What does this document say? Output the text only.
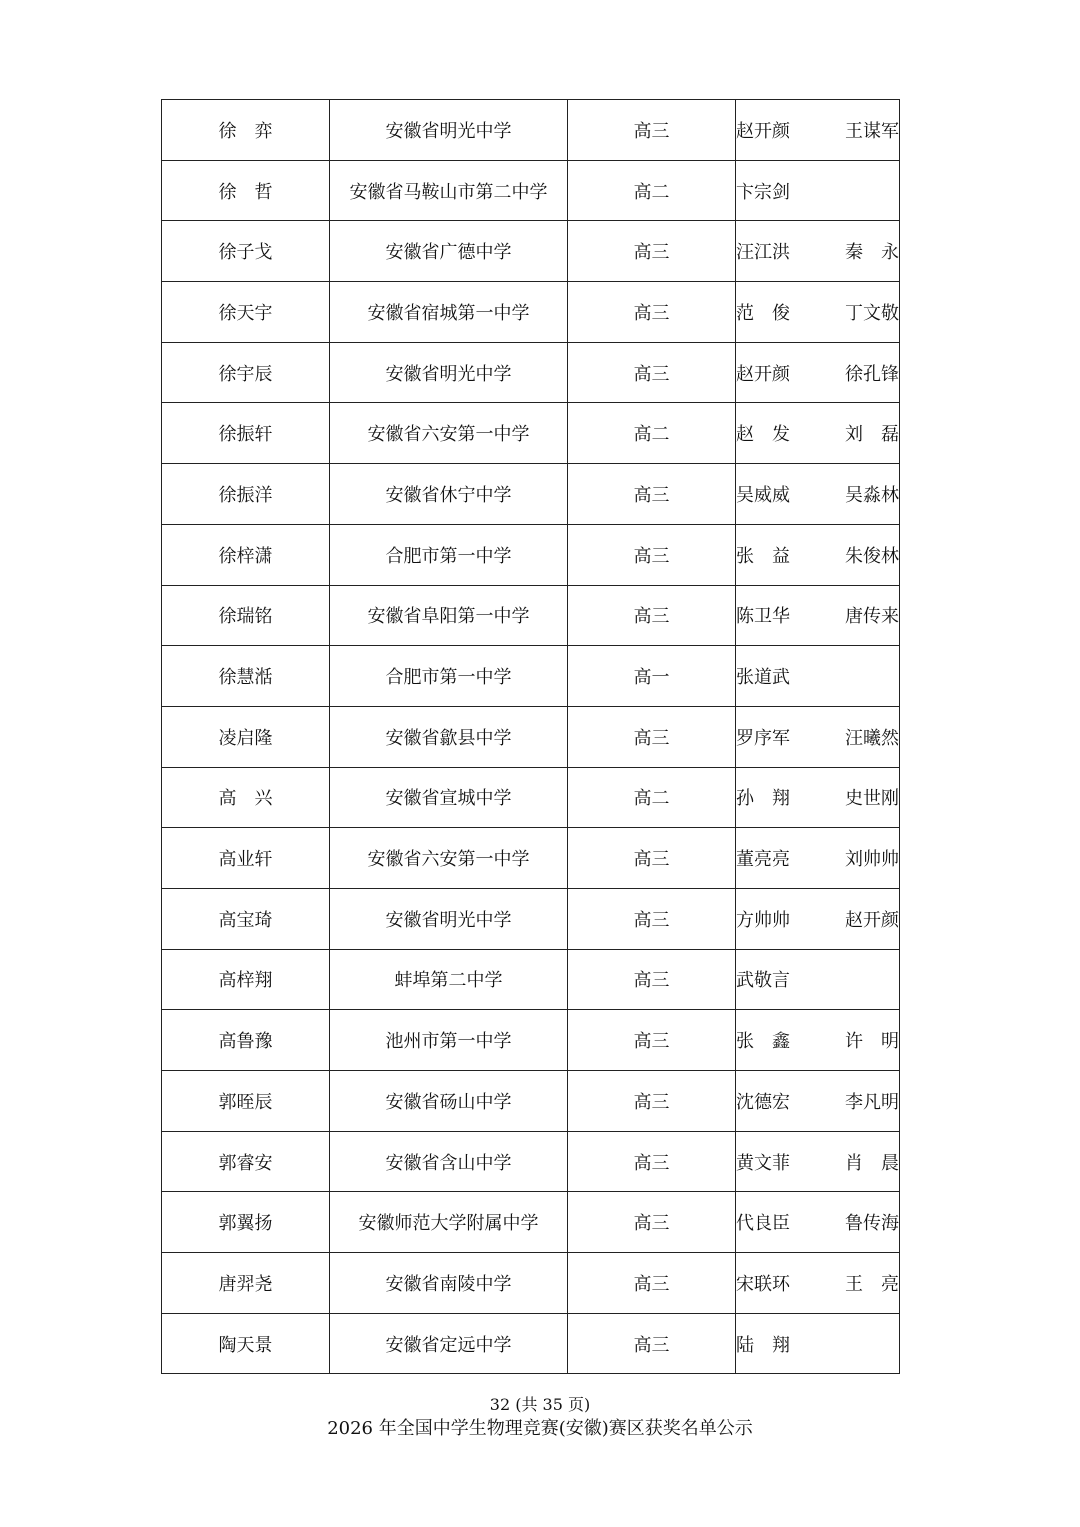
徐　弈	安徽省明光中学	高三	赵开颜 王谋军

徐　哲	安徽省马鞍山市第二中学	高二	卞宗剑

徐子戈	安徽省广德中学	高三	汪江洪 秦　永

徐天宇	安徽省宿城第一中学	高三	范　俊 丁文敬

徐宇辰	安徽省明光中学	高三	赵开颜 徐孔锋

徐振轩	安徽省六安第一中学	高二	赵　发 刘　磊

徐振洋	安徽省休宁中学	高三	吴威威 吴淼林

徐梓潇	合肥市第一中学	高三	张　益 朱俊林

徐瑞铭	安徽省阜阳第一中学	高三	陈卫华 唐传来

徐慧湉	合肥市第一中学	高一	张道武

凌启隆	安徽省歙县中学	高三	罗序军 汪曦然

高　兴	安徽省宣城中学	高二	孙　翔 史世刚

高业轩	安徽省六安第一中学	高三	董亮亮 刘帅帅

高宝琦	安徽省明光中学	高三	方帅帅 赵开颜

高梓翔	蚌埠第二中学	高三	武敬言

高鲁豫	池州市第一中学	高三	张　鑫 许　明

郭晊辰	安徽省砀山中学	高三	沈德宏 李凡明

郭睿安	安徽省含山中学	高三	黄文菲 肖　晨

郭翼扬	安徽师范大学附属中学	高三	代良臣 鲁传海

唐羿尧	安徽省南陵中学	高三	宋联环 王　亮

陶天景	安徽省定远中学	高三	陆　翔
32 (共 35 页)
2026 年全国中学生物理竞赛(安徽)赛区获奖名单公示
